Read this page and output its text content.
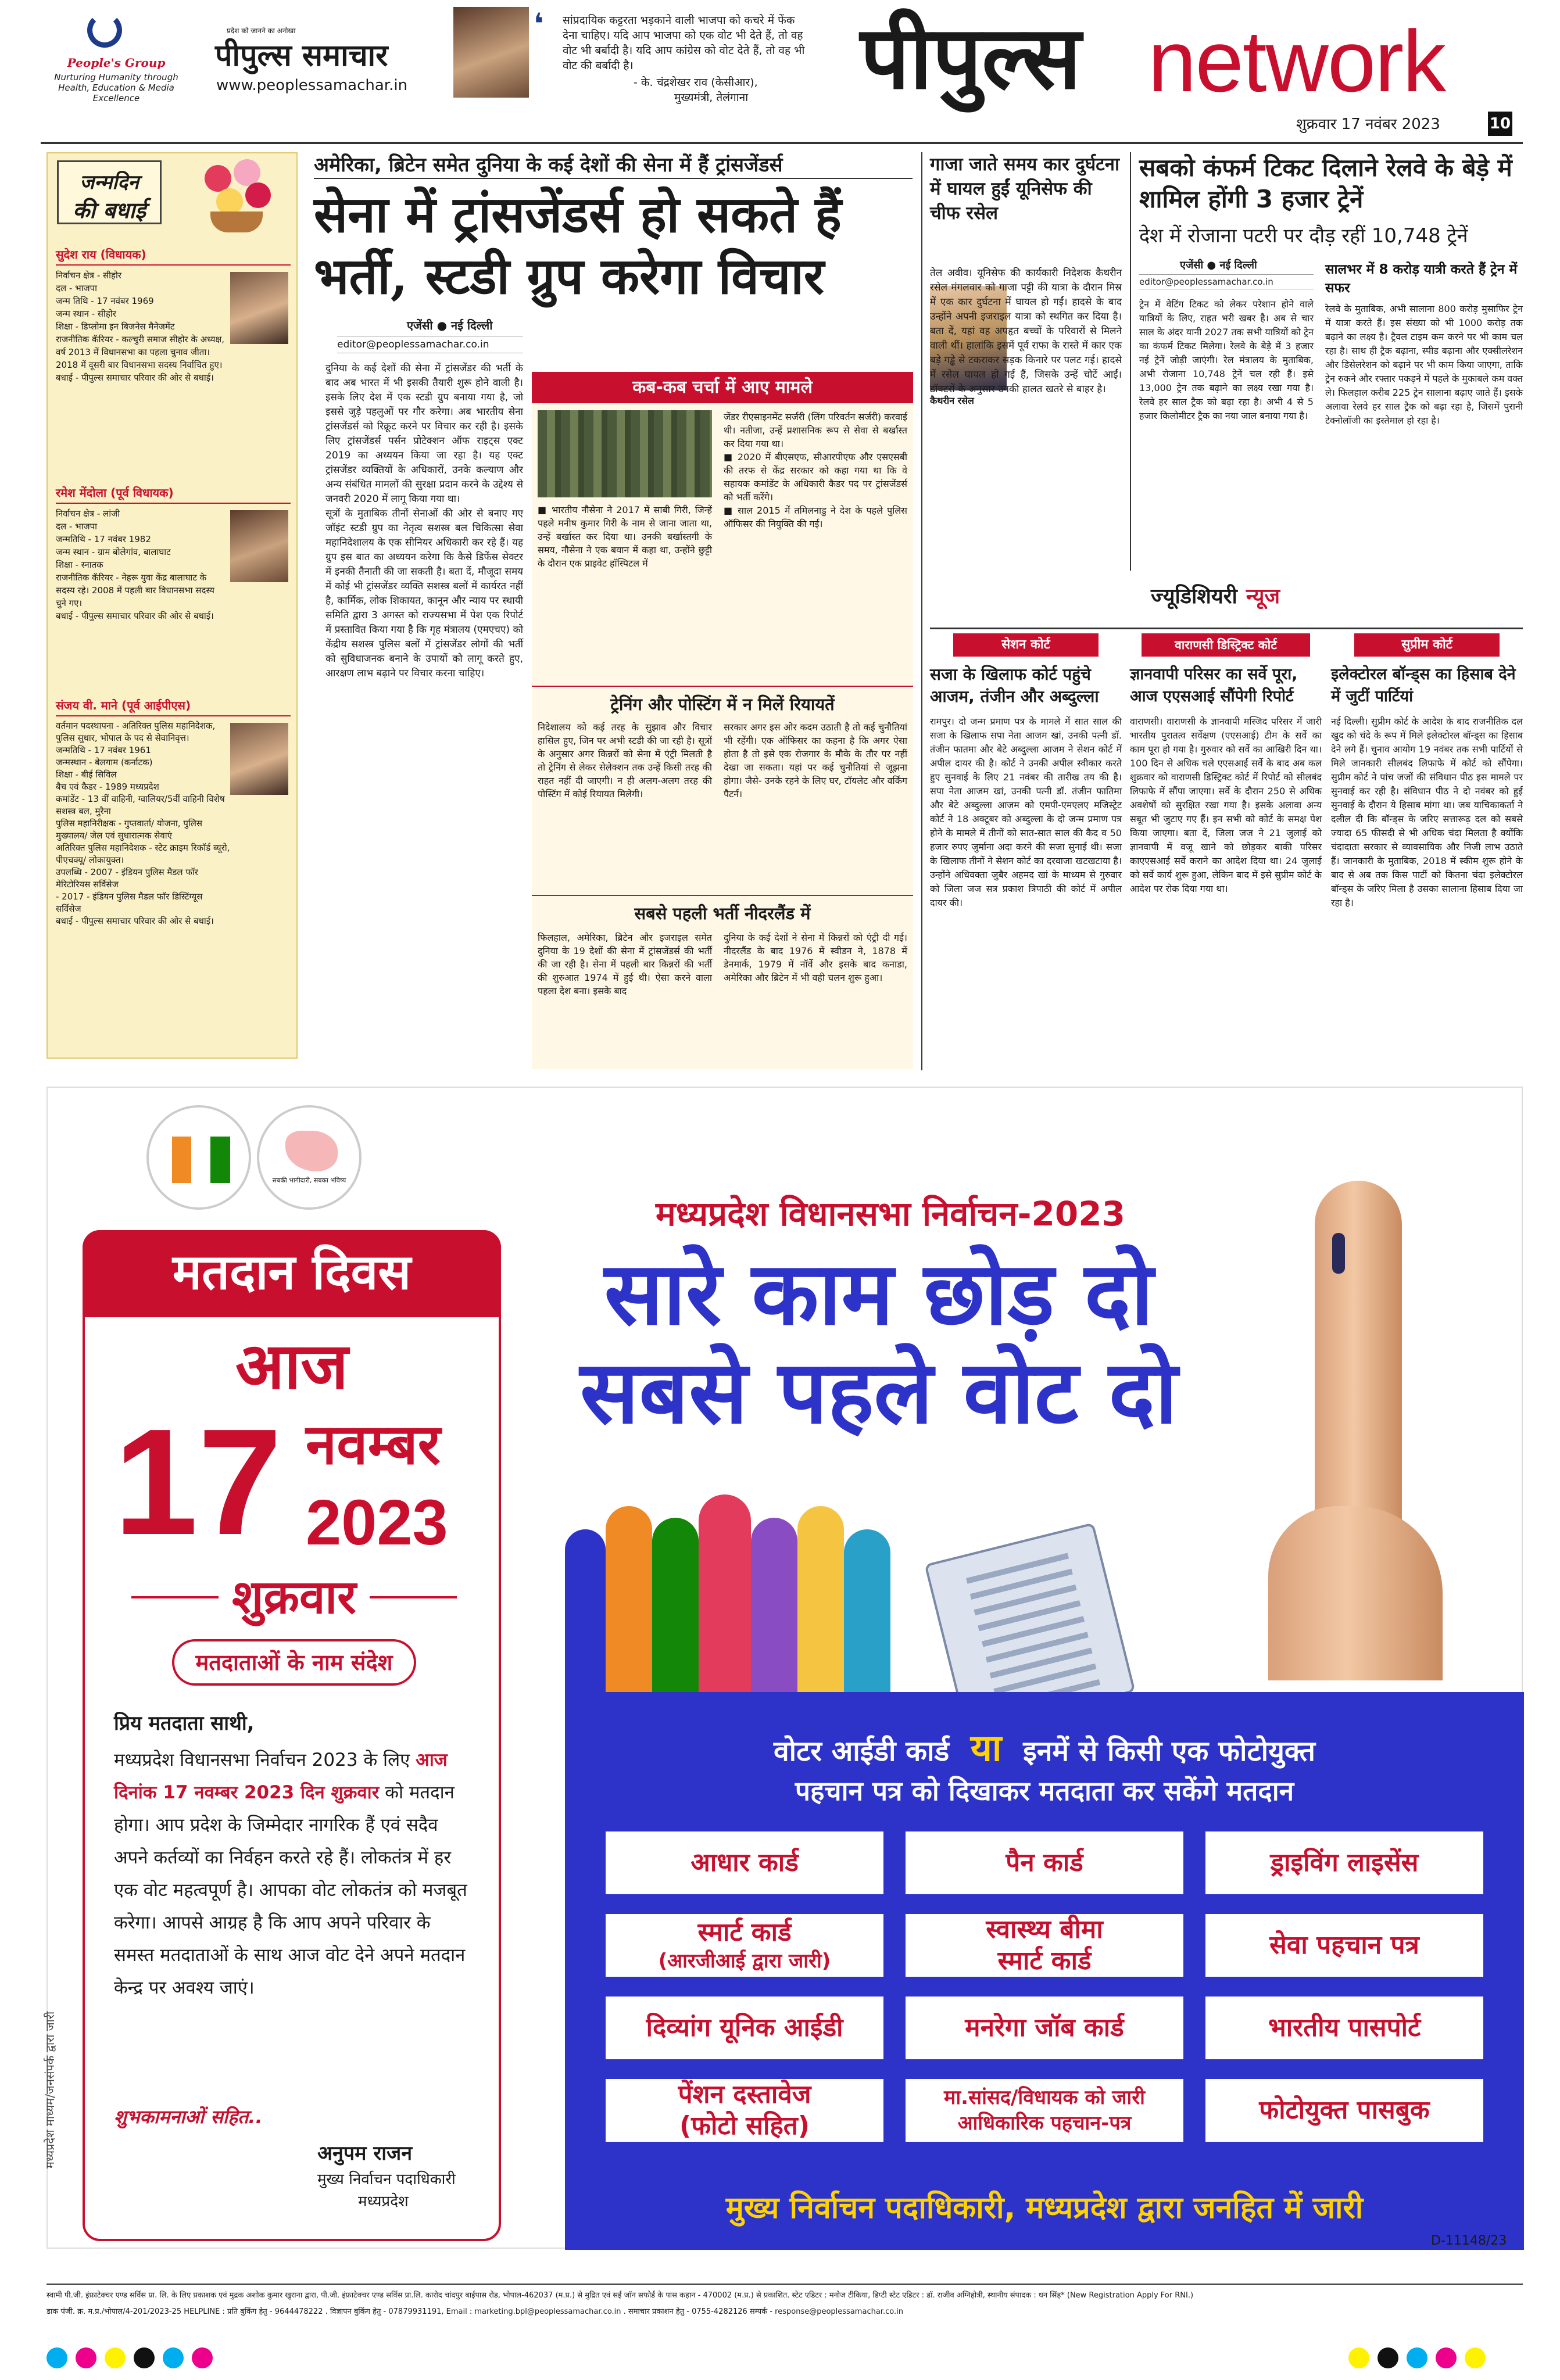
People's Group
Nurturing Humanity through Health, Education & Media Excellence
प्रदेश को जानने का अनोखा
पीपुल्स समाचार
www.peoplessamachar.in
❛ सांप्रदायिक कट्टरता भड़काने वाली भाजपा को कचरे में फेंक देना चाहिए। यदि आप भाजपा को एक वोट भी देते हैं, तो वह वोट भी बर्बादी है। यदि आप कांग्रेस को वोट देते हैं, तो वह भी वोट की बर्बादी है।
- के. चंद्रशेखर राव (केसीआर),
मुख्यमंत्री, तेलंगाना पीपुल्स network
शुक्रवार 17 नवंबर 2023	10
जन्मदिन
की बधाई
सुदेश राय (विधायक)
निर्वाचन क्षेत्र - सीहोर
दल - भाजपा
जन्म तिथि - 17 नवंबर 1969
जन्म स्थान - सीहोर
शिक्षा - डिप्लोमा इन बिजनेस मैनेजमेंट
राजनीतिक कॅरियर - कल्चुरी समाज सीहोर के अध्यक्ष, वर्ष 2013 में विधानसभा का पहला चुनाव जीता। 2018 में दूसरी बार विधानसभा सदस्य निर्वाचित हुए।
बधाई - पीपुल्स समाचार परिवार की ओर से बधाई।
रमेश मेंदोला (पूर्व विधायक)
निर्वाचन क्षेत्र - लांजी
दल - भाजपा
जन्मतिथि - 17 नवंबर 1982
जन्म स्थान - ग्राम बोलेगांव, बालाघाट
शिक्षा - स्नातक
राजनीतिक कॅरियर - नेहरू युवा केंद्र बालाघाट के सदस्य रहे। 2008 में पहली बार विधानसभा सदस्य चुने गए।
बधाई - पीपुल्स समाचार परिवार की ओर से बधाई।
संजय वी. माने (पूर्व आईपीएस)
वर्तमान पदस्थापना - अतिरिक्त पुलिस महानिदेशक, पुलिस सुधार, भोपाल के पद से सेवानिवृत्त।
जन्मतिथि - 17 नवंबर 1961
जन्मस्थान - बेलगाम (कर्नाटक)
शिक्षा - बीई सिविल
बैच एवं कैडर - 1989 मध्यप्रदेश
कमांडेंट - 13 वीं वाहिनी, ग्वालियर/5वीं वाहिनी विशेष सशस्त्र बल, मुरैना
पुलिस महानिरीक्षक - गुप्तवार्ता/ योजना, पुलिस मुख्यालय/ जेल एवं सुधारात्मक सेवाएं
अतिरिक्त पुलिस महानिदेशक - स्टेट क्राइम रिकॉर्ड ब्यूरो, पीएचक्यू/ लोकायुक्त।
उपलब्धि - 2007 - इंडियन पुलिस मैडल फॉर मेरिटोरियस सर्विसेज
- 2017 - इंडियन पुलिस मैडल फॉर डिस्टिंग्यूस सर्विसेज
बधाई - पीपुल्स समाचार परिवार की ओर से बधाई।
अमेरिका, ब्रिटेन समेत दुनिया के कई देशों की सेना में हैं ट्रांसजेंडर्स
सेना में ट्रांसजेंडर्स हो सकते हैं
भर्ती, स्टडी ग्रुप करेगा विचार
एजेंसी ● नई दिल्ली
editor@peoplessamachar.co.in
दुनिया के कई देशों की सेना में ट्रांसजेंडर की भर्ती के बाद अब भारत में भी इसकी तैयारी शुरू होने वाली है। इसके लिए देश में एक स्टडी ग्रुप बनाया गया है, जो इससे जुड़े पहलुओं पर गौर करेगा। अब भारतीय सेना ट्रांसजेंडर्स को रिक्रूट करने पर विचार कर रही है। इसके लिए ट्रांसजेंडर्स पर्सन प्रोटेक्शन ऑफ राइट्स एक्ट 2019 का अध्ययन किया जा रहा है। यह एक्ट ट्रांसजेंडर व्यक्तियों के अधिकारों, उनके कल्याण और अन्य संबंधित मामलों की सुरक्षा प्रदान करने के उद्देश्य से जनवरी 2020 में लागू किया गया था।
सूत्रों के मुताबिक तीनों सेनाओं की ओर से बनाए गए जॉइंट स्टडी ग्रुप का नेतृत्व सशस्त्र बल चिकित्सा सेवा महानिदेशालय के एक सीनियर अधिकारी कर रहे हैं। यह ग्रुप इस बात का अध्ययन करेगा कि कैसे डिफेंस सेक्टर में इनकी तैनाती की जा सकती है। बता दें, मौजूदा समय में कोई भी ट्रांसजेंडर व्यक्ति सशस्त्र बलों में कार्यरत नहीं है, कार्मिक, लोक शिकायत, कानून और न्याय पर स्थायी समिति द्वारा 3 अगस्त को राज्यसभा में पेश एक रिपोर्ट में प्रस्तावित किया गया है कि गृह मंत्रालय (एमएचए) को केंद्रीय सशस्त्र पुलिस बलों में ट्रांसजेंडर लोगों की भर्ती को सुविधाजनक बनाने के उपायों को लागू करते हुए, आरक्षण लाभ बढ़ाने पर विचार करना चाहिए।
कब-कब चर्चा में आए मामले
■ भारतीय नौसेना ने 2017 में साबी गिरी, जिन्हें पहले मनीष कुमार गिरी के नाम से जाना जाता था, उन्हें बर्खास्त कर दिया था। उनकी बर्खास्तगी के समय, नौसेना ने एक बयान में कहा था, उन्होंने छुट्टी के दौरान एक प्राइवेट हॉस्पिटल में
जेंडर रीएसाइनमेंट सर्जरी (लिंग परिवर्तन सर्जरी) करवाई थी। नतीजा, उन्हें प्रशासनिक रूप से सेवा से बर्खास्त कर दिया गया था।
■ 2020 में बीएसएफ, सीआरपीएफ और एसएसबी की तरफ से केंद्र सरकार को कहा गया था कि वे सहायक कमांडेंट के अधिकारी कैडर पद पर ट्रांसजेंडर्स को भर्ती करेंगे।
■ साल 2015 में तमिलनाडु ने देश के पहले पुलिस ऑफिसर की नियुक्ति की गई।
ट्रेनिंग और पोस्टिंग में न मिलें रियायतें
निदेशालय को कई तरह के सुझाव और विचार हासिल हुए, जिन पर अभी स्टडी की जा रही है। सूत्रों के अनुसार अगर किन्नरों को सेना में एंट्री मिलती है तो ट्रेनिंग से लेकर सेलेक्शन तक उन्हें किसी तरह की राहत नहीं दी जाएगी। न ही अलग-अलग तरह की पोस्टिंग में कोई रियायत मिलेगी।
सरकार अगर इस ओर कदम उठाती है तो कई चुनौतियां भी रहेंगी। एक ऑफिसर का कहना है कि अगर ऐसा होता है तो इसे एक रोजगार के मौके के तौर पर नहीं देखा जा सकता। यहां पर कई चुनौतियां से जूझना होगा। जैसे- उनके रहने के लिए घर, टॉयलेट और वर्किंग पैटर्न।
सबसे पहली भर्ती नीदरलैंड में
फिलहाल, अमेरिका, ब्रिटेन और इजराइल समेत दुनिया के 19 देशों की सेना में ट्रांसजेंडर्स की भर्ती की जा रही है। सेना में पहली बार किन्नरों की भर्ती की शुरुआत 1974 में हुई थी। ऐसा करने वाला पहला देश बना। इसके बाद
दुनिया के कई देशों ने सेना में किन्नरों को एंट्री दी गई। नीदरलैंड के बाद 1976 में स्वीडन ने, 1878 में डेनमार्क, 1979 में नॉर्वे और इसके बाद कनाडा, अमेरिका और ब्रिटेन में भी वही चलन शुरू हुआ।
गाजा जाते समय कार दुर्घटना में घायल हुईं यूनिसेफ की चीफ रसेल
कैथरीन रसेल
तेल अवीव। यूनिसेफ की कार्यकारी निदेशक कैथरीन रसेल मंगलवार को गाजा पट्टी की यात्रा के दौरान मिस्र में एक कार दुर्घटना में घायल हो गईं। हादसे के बाद उन्होंने अपनी इजराइल यात्रा को स्थगित कर दिया है। बता दें, यहां वह अपहृत बच्चों के परिवारों से मिलने वाली थीं। हालांकि इसमें पूर्व राफा के रास्ते में कार एक बड़े गड्ढे से टकराकर सड़क किनारे पर पलट गई। हादसे में रसेल घायल हो गई हैं, जिसके उन्हें चोटें आईं। डॉक्टरों के अनुसार उनकी हालत खतरे से बाहर है।
सबको कंफर्म टिकट दिलाने रेलवे के बेड़े में शामिल होंगी 3 हजार ट्रेनें
देश में रोजाना पटरी पर दौड़ रहीं 10,748 ट्रेनें
एजेंसी ● नई दिल्ली
editor@peoplessamachar.co.in
ट्रेन में वेटिंग टिकट को लेकर परेशान होने वाले यात्रियों के लिए, राहत भरी खबर है। अब से चार साल के अंदर यानी 2027 तक सभी यात्रियों को ट्रेन का कंफर्म टिकट मिलेगा। रेलवे के बेड़े में 3 हजार नई ट्रेनें जोड़ी जाएंगी। रेल मंत्रालय के मुताबिक, अभी रोजाना 10,748 ट्रेनें चल रही हैं। इसे 13,000 ट्रेन तक बढ़ाने का लक्ष्य रखा गया है। रेलवे हर साल ट्रैक को बढ़ा रहा है। अभी 4 से 5 हजार किलोमीटर ट्रैक का नया जाल बनाया गया है।
सालभर में 8 करोड़ यात्री करते हैं ट्रेन में सफर
रेलवे के मुताबिक, अभी सालाना 800 करोड़ मुसाफिर ट्रेन में यात्रा करते हैं। इस संख्या को भी 1000 करोड़ तक बढ़ाने का लक्ष्य है। ट्रैवल टाइम कम करने पर भी काम चल रहा है। साथ ही ट्रैक बढ़ाना, स्पीड बढ़ाना और एक्सीलरेशन और डिसेलरेशन को बढ़ाने पर भी काम किया जाएगा, ताकि ट्रेन रुकने और रफ्तार पकड़ने में पहले के मुकाबले कम वक्त ले। फिलहाल करीब 225 ट्रेन सालाना बढ़ाए जाते हैं। इसके अलावा रेलवे हर साल ट्रैक को बढ़ा रहा है, जिसमें पुरानी टेक्नोलॉजी का इस्तेमाल हो रहा है।
ज्यूडिशियरी न्यूज
सेशन कोर्ट
सजा के खिलाफ कोर्ट पहुंचे आजम, तंजीन और अब्दुल्ला
रामपुर। दो जन्म प्रमाण पत्र के मामले में सात साल की सजा के खिलाफ सपा नेता आजम खां, उनकी पत्नी डॉ. तंजीन फातमा और बेटे अब्दुल्ला आजम ने सेशन कोर्ट में अपील दायर की है। कोर्ट ने उनकी अपील स्वीकार करते हुए सुनवाई के लिए 21 नवंबर की तारीख तय की है। सपा नेता आजम खां, उनकी पत्नी डॉ. तंजीन फातिमा और बेटे अब्दुल्ला आजम को एमपी-एमएलए मजिस्ट्रेट कोर्ट ने 18 अक्टूबर को अब्दुल्ला के दो जन्म प्रमाण पत्र होने के मामले में तीनों को सात-सात साल की कैद व 50 हजार रुपए जुर्माना अदा करने की सजा सुनाई थी। सजा के खिलाफ तीनों ने सेशन कोर्ट का दरवाजा खटखटाया है। उन्होंने अधिवक्ता जुबैर अहमद खां के माध्यम से गुरुवार को जिला जज सत्र प्रकाश त्रिपाठी की कोर्ट में अपील दायर की।
वाराणसी डिस्ट्रिक्ट कोर्ट
ज्ञानवापी परिसर का सर्वे पूरा, आज एएसआई सौंपेगी रिपोर्ट
वाराणसी। वाराणसी के ज्ञानवापी मस्जिद परिसर में जारी भारतीय पुरातत्व सर्वेक्षण (एएसआई) टीम के सर्वे का काम पूरा हो गया है। गुरुवार को सर्वे का आखिरी दिन था। 100 दिन से अधिक चले एएसआई सर्वे के बाद अब कल शुक्रवार को वाराणसी डिस्ट्रिक्ट कोर्ट में रिपोर्ट को सीलबंद लिफाफे में सौंपा जाएगा। सर्वे के दौरान 250 से अधिक अवशेषों को सुरक्षित रखा गया है। इसके अलावा अन्य सबूत भी जुटाए गए हैं। इन सभी को कोर्ट के समक्ष पेश किया जाएगा। बता दें, जिला जज ने 21 जुलाई को ज्ञानवापी में वजू खाने को छोड़कर बाकी परिसर काएएसआई सर्वे कराने का आदेश दिया था। 24 जुलाई को सर्वे कार्य शुरू हुआ, लेकिन बाद में इसे सुप्रीम कोर्ट के आदेश पर रोक दिया गया था।
सुप्रीम कोर्ट
इलेक्टोरल बॉन्ड्स का हिसाब देने में जुटीं पार्टियां
नई दिल्ली। सुप्रीम कोर्ट के आदेश के बाद राजनीतिक दल खुद को चंदे के रूप में मिले इलेक्टोरल बॉन्ड्स का हिसाब देने लगे हैं। चुनाव आयोग 19 नवंबर तक सभी पार्टियों से मिले जानकारी सीलबंद लिफाफे में कोर्ट को सौंपेगा। सुप्रीम कोर्ट ने पांच जजों की संविधान पीठ इस मामले पर सुनवाई कर रही है। संविधान पीठ ने दो नवंबर को हुई सुनवाई के दौरान ये हिसाब मांगा था। जब याचिकाकर्ता ने दलील दी कि बॉन्ड्स के जरिए सत्तारूढ़ दल को सबसे ज्यादा 65 फीसदी से भी अधिक चंदा मिलता है क्योंकि चंदादाता सरकार से व्यावसायिक और निजी लाभ उठाते हैं। जानकारी के मुताबिक, 2018 में स्कीम शुरू होने के बाद से अब तक किस पार्टी को कितना चंदा इलेक्टोरल बॉन्ड्स के जरिए मिला है उसका सालाना हिसाब दिया जा रहा है।
सबकी भागीदारी, सबका भविष्य
मतदान दिवस
आज
17 नवम्बर
2023
शुक्रवार
मतदाताओं के नाम संदेश
प्रिय मतदाता साथी,
मध्यप्रदेश विधानसभा निर्वाचन 2023 के लिए आज दिनांक 17 नवम्बर 2023 दिन शुक्रवार को मतदान होगा। आप प्रदेश के जिम्मेदार नागरिक हैं एवं सदैव अपने कर्तव्यों का निर्वहन करते रहे हैं। लोकतंत्र में हर एक वोट महत्वपूर्ण है। आपका वोट लोकतंत्र को मजबूत करेगा। आपसे आग्रह है कि आप अपने परिवार के समस्त मतदाताओं के साथ आज वोट देने अपने मतदान केन्द्र पर अवश्य जाएं।
शुभकामनाओं सहित..
अनुपम राजन
मुख्य निर्वाचन पदाधिकारी
मध्यप्रदेश
मध्यप्रदेश माध्यम/जनसंपर्क द्वारा जारी
मध्यप्रदेश विधानसभा निर्वाचन-2023
सारे काम छोड़ दो
सबसे पहले वोट दो
वोटर आईडी कार्ड या इनमें से किसी एक फोटोयुक्त
पहचान पत्र को दिखाकर मतदाता कर सकेंगे मतदान
आधार कार्ड	पैन कार्ड	ड्राइविंग लाइसेंस
स्मार्ट कार्ड
(आरजीआई द्वारा जारी)
स्वास्थ्य बीमा
स्मार्ट कार्ड
सेवा पहचान पत्र
दिव्यांग यूनिक आईडी	मनरेगा जॉब कार्ड	भारतीय पासपोर्ट
पेंशन दस्तावेज
(फोटो सहित)
मा.सांसद/विधायक को जारी
आधिकारिक पहचान-पत्र	फोटोयुक्त पासबुक
मुख्य निर्वाचन पदाधिकारी, मध्यप्रदेश द्वारा जनहित में जारी
D-11148/23
स्वामी पी.जी. इंफ्राटेक्चर एण्ड सर्विस प्रा. लि. के लिए प्रकाशक एवं मुद्रक अशोक कुमार खुराना द्वारा, पी.जी. इंफ्राटेक्चर एण्ड सर्विस प्रा.लि. कारोद चांदपुर बाईपास रोड, भोपाल-462037 (म.प्र.) से मुद्रित एवं सई जॉन सफोर्ड के पास कहान - 470002 (म.प्र.) से प्रकाशित. स्टेट एडिटर : मनोज टीकिया, डिप्टी स्टेट एडिटर : डॉ. राजीव अग्निहोत्री, स्थानीय संपादक : धन सिंह* (New Registration Apply For RNI.)
डाक पंजी. क्र. म.प्र./भोपाल/4-201/2023-25 HELPLINE : प्रति बुकिंग हेतु - 9644478222 . विज्ञापन बुकिंग हेतु - 07879931191, Email : marketing.bpl@peoplessamachar.co.in . समाचार प्रकाशन हेतु - 0755-4282126 सम्पर्क - response@peoplessamachar.co.in
